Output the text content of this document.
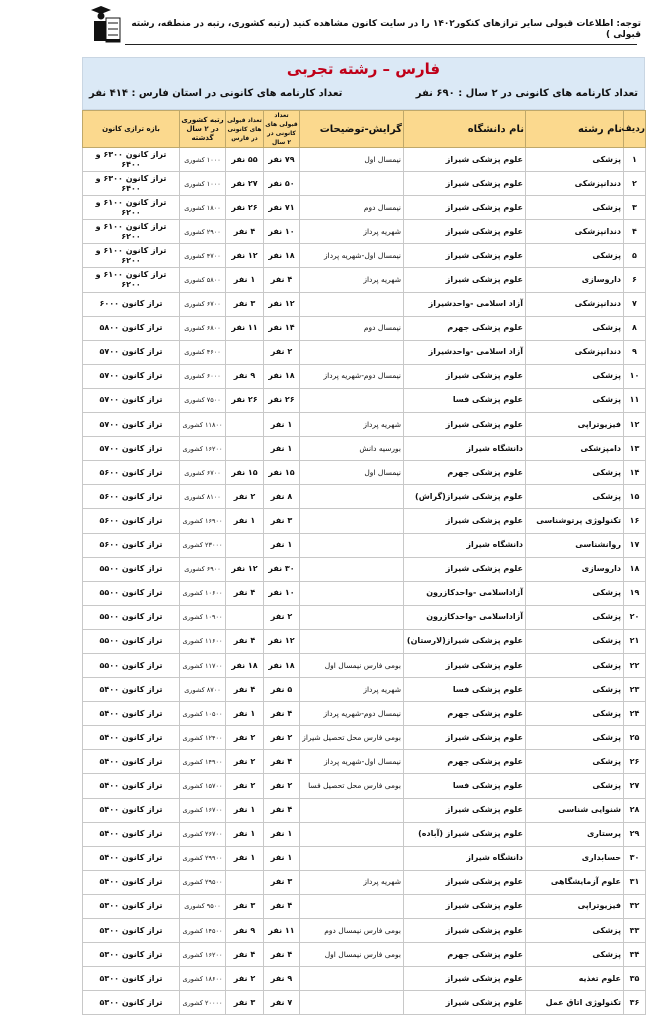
توجه: اطلاعات قبولی سایر ترازهای کنکور۱۴۰۲ را در سایت کانون مشاهده کنید (رتبه کشوری، رتبه در منطقه، رشته قبولی )
فارس – رشته تجربی
تعداد کارنامه های کانونی در ۲ سال : ۶۹۰ نفر
تعداد کارنامه های کانونی در استان فارس : ۴۱۴ نفر
ردیف	نام رشته	نام دانشگاه	گرایش-توضیحات	تعداد قبولی های کانونی در ۲ سال	تعداد قبولی های کانونی در فارس	رتبه کشوری در ۲ سال گذشته	بازه ترازی کانون
۱	پزشکی	علوم پزشکی شیراز	نیمسال اول	۷۹ نفر	۵۵ نفر	۱۰۰۰ کشوری	تراز کانون ۶۳۰۰ و ۶۴۰۰
۲	دندانپزشکی	علوم پزشکی شیراز		۵۰ نفر	۲۷ نفر	۱۰۰۰ کشوری	تراز کانون ۶۳۰۰ و ۶۴۰۰
۳	پزشکی	علوم پزشکی شیراز	نیمسال دوم	۷۱ نفر	۲۶ نفر	۱۸۰۰ کشوری	تراز کانون ۶۱۰۰ و ۶۲۰۰
۴	دندانپزشکی	علوم پزشکی شیراز	شهریه پرداز	۱۰ نفر	۴ نفر	۲۹۰۰ کشوری	تراز کانون ۶۱۰۰ و ۶۲۰۰
۵	پزشکی	علوم پزشکی شیراز	نیمسال اول-شهریه پرداز	۱۸ نفر	۱۲ نفر	۴۷۰۰ کشوری	تراز کانون ۶۱۰۰ و ۶۲۰۰
۶	داروسازی	علوم پزشکی شیراز	شهریه پرداز	۴ نفر	۱ نفر	۵۸۰۰ کشوری	تراز کانون ۶۱۰۰ و ۶۲۰۰
۷	دندانپزشکی	آزاد اسلامی -واحدشیراز		۱۲ نفر	۳ نفر	۶۷۰۰ کشوری	تراز کانون ۶۰۰۰
۸	پزشکی	علوم پزشکی جهرم	نیمسال دوم	۱۴ نفر	۱۱ نفر	۶۸۰۰ کشوری	تراز کانون ۵۸۰۰
۹	دندانپزشکی	آزاد اسلامی -واحدشیراز		۲ نفر		۴۶۰۰ کشوری	تراز کانون ۵۷۰۰
۱۰	پزشکی	علوم پزشکی شیراز	نیمسال دوم-شهریه پرداز	۱۸ نفر	۹ نفر	۶۰۰۰ کشوری	تراز کانون ۵۷۰۰
۱۱	پزشکی	علوم پزشکی فسا		۲۶ نفر	۲۶ نفر	۷۵۰۰ کشوری	تراز کانون ۵۷۰۰
۱۲	فیزیوتراپی	علوم پزشکی شیراز	شهریه پرداز	۱ نفر		۱۱۸۰۰ کشوری	تراز کانون ۵۷۰۰
۱۳	دامپزشکی	دانشگاه شیراز	بورسیه دانش	۱ نفر		۱۶۲۰۰ کشوری	تراز کانون ۵۷۰۰
۱۴	پزشکی	علوم پزشکی جهرم	نیمسال اول	۱۵ نفر	۱۵ نفر	۶۷۰۰ کشوری	تراز کانون ۵۶۰۰
۱۵	پزشکی	علوم پزشکی شیراز(گراش)		۸ نفر	۲ نفر	۸۱۰۰ کشوری	تراز کانون ۵۶۰۰
۱۶	تکنولوژی پرتوشناسی	علوم پزشکی شیراز		۳ نفر	۱ نفر	۱۶۹۰۰ کشوری	تراز کانون ۵۶۰۰
۱۷	روانشناسی	دانشگاه شیراز		۱ نفر		۲۳۰۰۰ کشوری	تراز کانون ۵۶۰۰
۱۸	داروسازی	علوم پزشکی شیراز		۳۰ نفر	۱۲ نفر	۶۹۰۰ کشوری	تراز کانون ۵۵۰۰
۱۹	پزشکی	آزاداسلامی -واحدکازرون		۱۰ نفر	۴ نفر	۱۰۶۰۰ کشوری	تراز کانون ۵۵۰۰
۲۰	پزشکی	آزاداسلامی -واحدکازرون		۲ نفر		۱۰۹۰۰ کشوری	تراز کانون ۵۵۰۰
۲۱	پزشکی	علوم پزشکی شیراز(لارستان)		۱۲ نفر	۴ نفر	۱۱۶۰۰ کشوری	تراز کانون ۵۵۰۰
۲۲	پزشکی	علوم پزشکی شیراز	بومی فارس نیمسال اول	۱۸ نفر	۱۸ نفر	۱۱۷۰۰ کشوری	تراز کانون ۵۵۰۰
۲۳	پزشکی	علوم پزشکی فسا	شهریه پرداز	۵ نفر	۴ نفر	۸۷۰۰ کشوری	تراز کانون ۵۴۰۰
۲۴	پزشکی	علوم پزشکی جهرم	نیمسال دوم-شهریه پرداز	۴ نفر	۱ نفر	۱۰۵۰۰ کشوری	تراز کانون ۵۴۰۰
۲۵	پزشکی	علوم پزشکی شیراز	بومی فارس محل تحصیل شیراز	۲ نفر	۲ نفر	۱۲۴۰۰ کشوری	تراز کانون ۵۴۰۰
۲۶	پزشکی	علوم پزشکی جهرم	نیمسال اول-شهریه پرداز	۴ نفر	۲ نفر	۱۴۹۰۰ کشوری	تراز کانون ۵۴۰۰
۲۷	پزشکی	علوم پزشکی فسا	بومی فارس محل تحصیل فسا	۲ نفر	۲ نفر	۱۵۷۰۰ کشوری	تراز کانون ۵۴۰۰
۲۸	شنوایی شناسی	علوم پزشکی شیراز		۴ نفر	۱ نفر	۱۶۷۰۰ کشوری	تراز کانون ۵۴۰۰
۲۹	پرستاری	علوم پزشکی شیراز (آباده)		۱ نفر	۱ نفر	۲۶۷۰۰ کشوری	تراز کانون ۵۴۰۰
۳۰	حسابداری	دانشگاه شیراز		۱ نفر	۱ نفر	۲۹۹۰۰ کشوری	تراز کانون ۵۴۰۰
۳۱	علوم آزمایشگاهی	علوم پزشکی شیراز	شهریه پرداز	۳ نفر		۲۹۵۰۰ کشوری	تراز کانون ۵۴۰۰
۳۲	فیزیوتراپی	علوم پزشکی شیراز		۴ نفر	۳ نفر	۹۵۰۰ کشوری	تراز کانون ۵۳۰۰
۳۳	پزشکی	علوم پزشکی شیراز	بومی فارس نیمسال دوم	۱۱ نفر	۹ نفر	۱۴۵۰۰ کشوری	تراز کانون ۵۳۰۰
۳۴	پزشکی	علوم پزشکی جهرم	بومی فارس نیمسال اول	۴ نفر	۴ نفر	۱۶۲۰۰ کشوری	تراز کانون ۵۳۰۰
۳۵	علوم تغذیه	علوم پزشکی شیراز		۹ نفر	۲ نفر	۱۸۶۰۰ کشوری	تراز کانون ۵۳۰۰
۳۶	تکنولوژی اتاق عمل	علوم پزشکی شیراز		۷ نفر	۳ نفر	۲۰۰۰۰ کشوری	تراز کانون ۵۳۰۰
